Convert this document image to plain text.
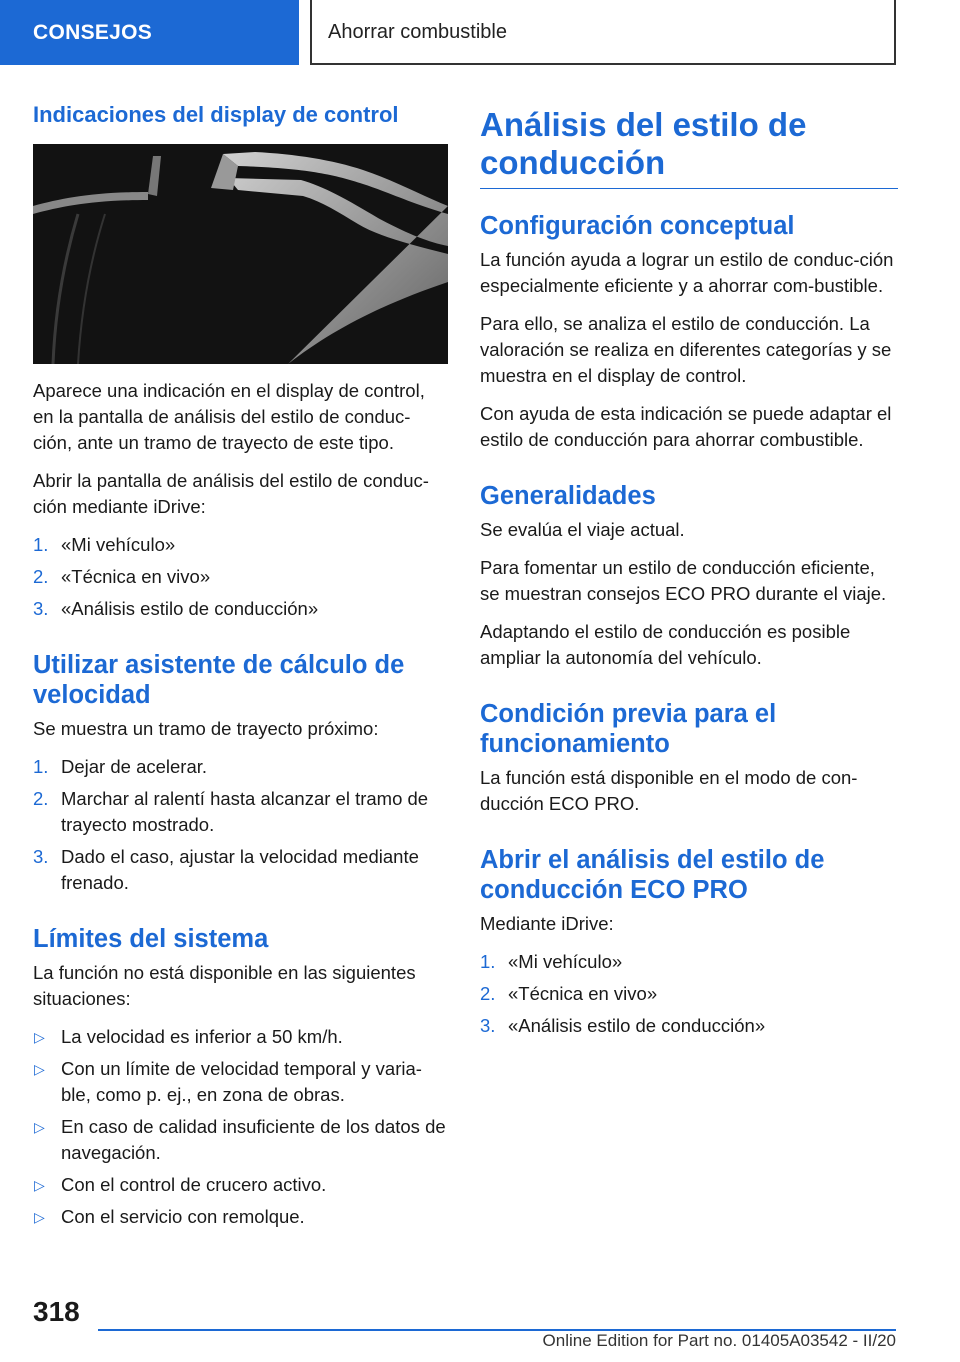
CONSEJOS	Ahorrar combustible
Indicaciones del display de control

Aparece una indicación en el display de control, en la pantalla de análisis del estilo de conduc-ción, ante un tramo de trayecto de este tipo.

Abrir la pantalla de análisis del estilo de conduc-ción mediante iDrive:

1. «Mi vehículo»
2. «Técnica en vivo»
3. «Análisis estilo de conducción»
Utilizar asistente de cálculo de velocidad

Se muestra un tramo de trayecto próximo:

1. Dejar de acelerar.
2. Marchar al ralentí hasta alcanzar el tramo de trayecto mostrado.
3. Dado el caso, ajustar la velocidad mediante frenado.
Límites del sistema

La función no está disponible en las siguientes situaciones:

▷ La velocidad es inferior a 50 km/h.
▷ Con un límite de velocidad temporal y varia-ble, como p. ej., en zona de obras.
▷ En caso de calidad insuficiente de los datos de navegación.
▷ Con el control de crucero activo.
▷ Con el servicio con remolque.
Análisis del estilo de conducción
Configuración conceptual

La función ayuda a lograr un estilo de conduc-ción especialmente eficiente y a ahorrar com-bustible.

Para ello, se analiza el estilo de conducción. La valoración se realiza en diferentes categorías y se muestra en el display de control.

Con ayuda de esta indicación se puede adaptar el estilo de conducción para ahorrar combustible.

Generalidades

Se evalúa el viaje actual.

Para fomentar un estilo de conducción eficiente, se muestran consejos ECO PRO durante el viaje.

Adaptando el estilo de conducción es posible ampliar la autonomía del vehículo.

Condición previa para el funcionamiento

La función está disponible en el modo de con-ducción ECO PRO.

Abrir el análisis del estilo de conducción ECO PRO

Mediante iDrive:

1. «Mi vehículo»
2. «Técnica en vivo»
3. «Análisis estilo de conducción»
318
Online Edition for Part no. 01405A03542 - II/20
